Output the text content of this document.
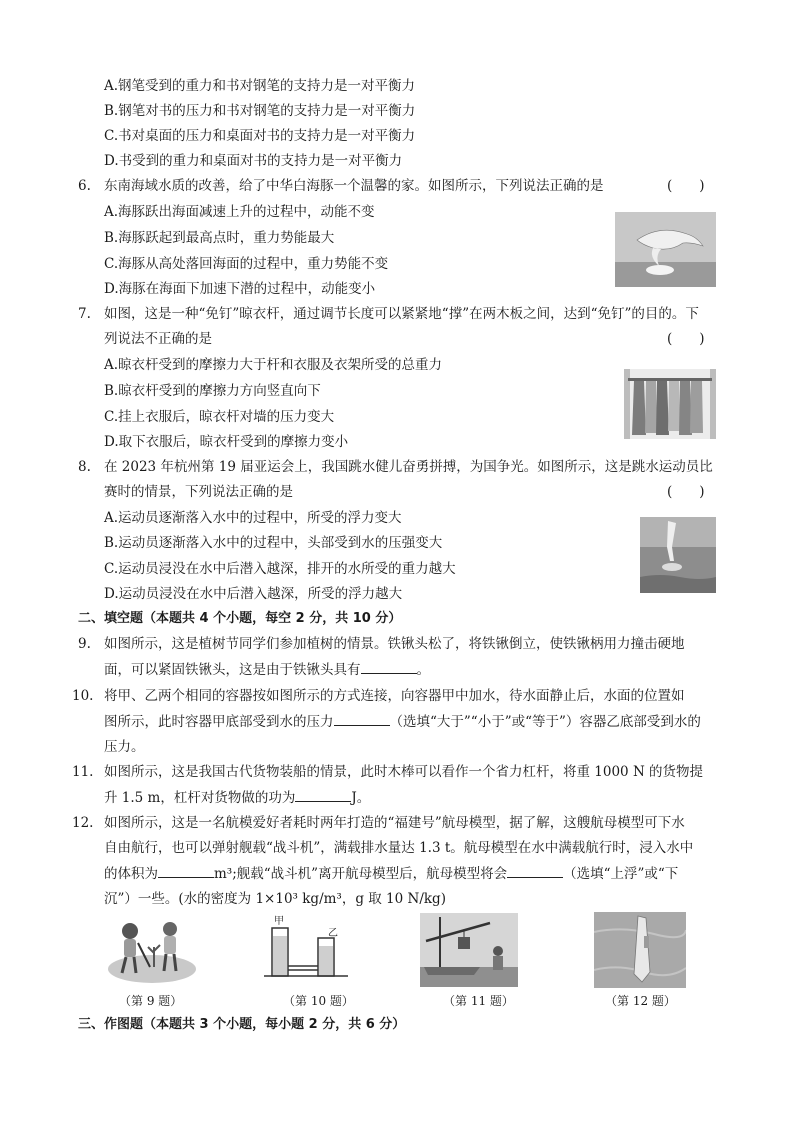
A.钢笔受到的重力和书对钢笔的支持力是一对平衡力
B.钢笔对书的压力和书对钢笔的支持力是一对平衡力
C.书对桌面的压力和桌面对书的支持力是一对平衡力
D.书受到的重力和桌面对书的支持力是一对平衡力
6. 东南海域水质的改善，给了中华白海豚一个温馨的家。如图所示，下列说法正确的是	(　　)
A.海豚跃出海面减速上升的过程中，动能不变
B.海豚跃起到最高点时，重力势能最大
C.海豚从高处落回海面的过程中，重力势能不变
D.海豚在海面下加速下潜的过程中，动能变小
7. 如图，这是一种“免钉”晾衣杆，通过调节长度可以紧紧地“撑”在两木板之间，达到“免钉”的目的。下
列说法不正确的是	(　　)
A.晾衣杆受到的摩擦力大于杆和衣服及衣架所受的总重力
B.晾衣杆受到的摩擦力方向竖直向下
C.挂上衣服后，晾衣杆对墙的压力变大
D.取下衣服后，晾衣杆受到的摩擦力变小
8. 在 2023 年杭州第 19 届亚运会上，我国跳水健儿奋勇拼搏，为国争光。如图所示，这是跳水运动员比
赛时的情景，下列说法正确的是	(　　)
A.运动员逐渐落入水中的过程中，所受的浮力变大
B.运动员逐渐落入水中的过程中，头部受到水的压强变大
C.运动员浸没在水中后潜入越深，排开的水所受的重力越大
D.运动员浸没在水中后潜入越深，所受的浮力越大
二、填空题（本题共 4 个小题，每空 2 分，共 10 分）
9. 如图所示，这是植树节同学们参加植树的情景。铁锹头松了，将铁锹倒立，使铁锹柄用力撞击硬地
面，可以紧固铁锹头，这是由于铁锹头具有	。
10. 将甲、乙两个相同的容器按如图所示的方式连接，向容器甲中加水，待水面静止后，水面的位置如
图所示，此时容器甲底部受到水的压力	（选填“大于”“小于”或“等于”）容器乙底部受到水的
压力。
11. 如图所示，这是我国古代货物装船的情景，此时木棒可以看作一个省力杠杆，将重 1000 N 的货物提
升 1.5 m，杠杆对货物做的功为	J。
12. 如图所示，这是一名航模爱好者耗时两年打造的“福建号”航母模型，据了解，这艘航母模型可下水
自由航行，也可以弹射舰载“战斗机”，满载排水量达 1.3 t。航母模型在水中满载航行时，浸入水中
的体积为	m³;舰载“战斗机”离开航母模型后，航母模型将会	（选填“上浮”或“下
沉”）一些。(水的密度为 1×10³ kg/m³，g 取 10 N/kg)
（第 9 题）
甲
乙
（第 10 题）	（第 11 题）	（第 12 题）
三、作图题（本题共 3 个小题，每小题 2 分，共 6 分）
